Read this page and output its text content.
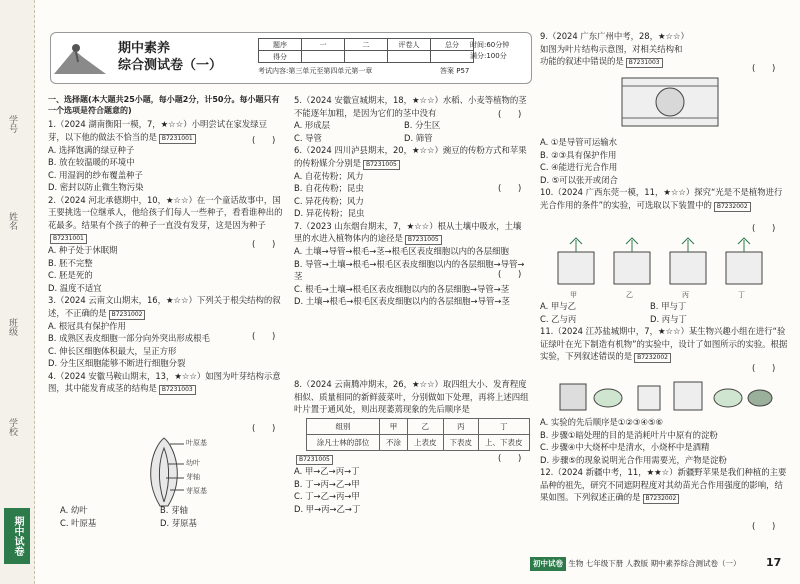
学号
姓名
班级
学校
期中试卷
期中素养
综合测试卷（一）
题序	一	二	评卷人	总分
得分				
时间:60分钟
满分:100分
考试内容:第三单元至第四单元第一章	答案 P57

一、选择题(本大题共25小题，每小题2分，计50分。每小题只有一个选项是符合题意的)

1.（2024 湖南衡阳一模，7，★☆☆）小明尝试在家发绿豆芽，以下他的做法不恰当的是 B7231001

A. 选择饱满的绿豆种子

B. 放在较温暖的环境中

C. 用湿润的纱布覆盖种子

D. 密封以防止微生物污染

2.（2024 河北承德期中，10，★☆☆）在一个童话故事中，国王要挑选一位继承人，他给孩子们每人一些种子，看看谁种出的花最多。结果有个孩子的种子一直没有发芽，这是因为种子B7231001

A. 种子处于休眠期

B. 胚不完整

C. 胚是死的

D. 温度不适宜

3.（2024 云南文山期末，16，★☆☆）下列关于根尖结构的叙述，不正确的是 B7231002

A. 根冠具有保护作用

B. 成熟区表皮细胞一部分向外突出形成根毛

C. 伸长区细胞体积最大，呈正方形

D. 分生区细胞能够不断进行细胞分裂

4.（2024 安徽马鞍山期末，13，★☆☆）如图为叶芽结构示意图，其中能发育成茎的结构是 B7231003

叶原基
幼叶
芽轴
芽原基

A. 幼叶	B. 芽轴

C. 叶原基	D. 芽原基

5.（2024 安徽宣城期末，18，★☆☆）水稻、小麦等植物的茎不能逐年加粗，是因为它们的茎中没有

A. 形成层	B. 分生区

C. 导管	D. 筛管

6.（2024 四川泸县期末，20，★☆☆）豌豆的传粉方式和苹果的传粉媒介分别是 B7231005

A. 自花传粉；风力

B. 自花传粉；昆虫

C. 异花传粉；风力

D. 异花传粉；昆虫

7.（2023 山东烟台期末，7，★☆☆）根从土壤中吸水，土壤里的水进入植物体内的途径是 B7231005

A. 土壤→导管→根毛→茎→根毛区表皮细胞以内的各层细胞

B. 导管→土壤→根毛→根毛区表皮细胞以内的各层细胞→导管→茎

C. 根毛→土壤→根毛区表皮细胞以内的各层细胞→导管→茎

D. 土壤→根毛→根毛区表皮细胞以内的各层细胞→导管→茎

8.（2024 云南腾冲期末，26，★☆☆）取四组大小、发育程度相似、质量相同的新鲜菠菜叶，分别做如下处理，再将上述四组叶片置于通风处，则出现萎蔫现象的先后顺序是

组别	甲	乙	丙	丁
涂凡士林的部位	不涂	上表皮	下表皮	上、下表皮

B7231005

A. 甲→乙→丙→丁

B. 丁→丙→乙→甲

C. 丁→乙→丙→甲

D. 甲→丙→乙→丁

9.（2024 广东广州中考，28，★☆☆）如图为叶片结构示意图，对相关结构和功能的叙述中错误的是 B7231003

A. ①是导管可运输水

B. ②③具有保护作用

C. ④能进行光合作用

D. ⑤可以张开或闭合

10.（2024 广西东莞一模，11，★☆☆）探究“光是不是植物进行光合作用的条件”的实验，可选取以下装置中的 B7232002

甲	乙	丙	丁

A. 甲与乙	B. 甲与丁

C. 乙与丙	D. 丙与丁

11.（2024 江苏盐城期中，7，★☆☆）某生物兴趣小组在进行“验证绿叶在光下制造有机物”的实验中，设计了如图所示的实验。根据实验，下列叙述错误的是 B7232002

A. 实验的先后顺序是①②③④⑤⑥

B. 步骤①暗处理的目的是消耗叶片中原有的淀粉

C. 步骤④中大烧杯中是清水，小烧杯中是酒精

D. 步骤⑤的现象说明光合作用需要光，产物是淀粉

12.（2024 新疆中考，11，★★☆）新疆野苹果是我们种植的主要品种的祖先，研究不同遮阴程度对其幼苗光合作用强度的影响，结果如图。下列叙述正确的是 B7232002

(　　)
(　　)
(　　)
(　　)
(　　)
(　　)
(　　)
(　　)
(　　)
(　　)
(　　)
(　　)
初中试卷 生物 七年级下册 人教版 期中素养综合测试卷（一）	17
